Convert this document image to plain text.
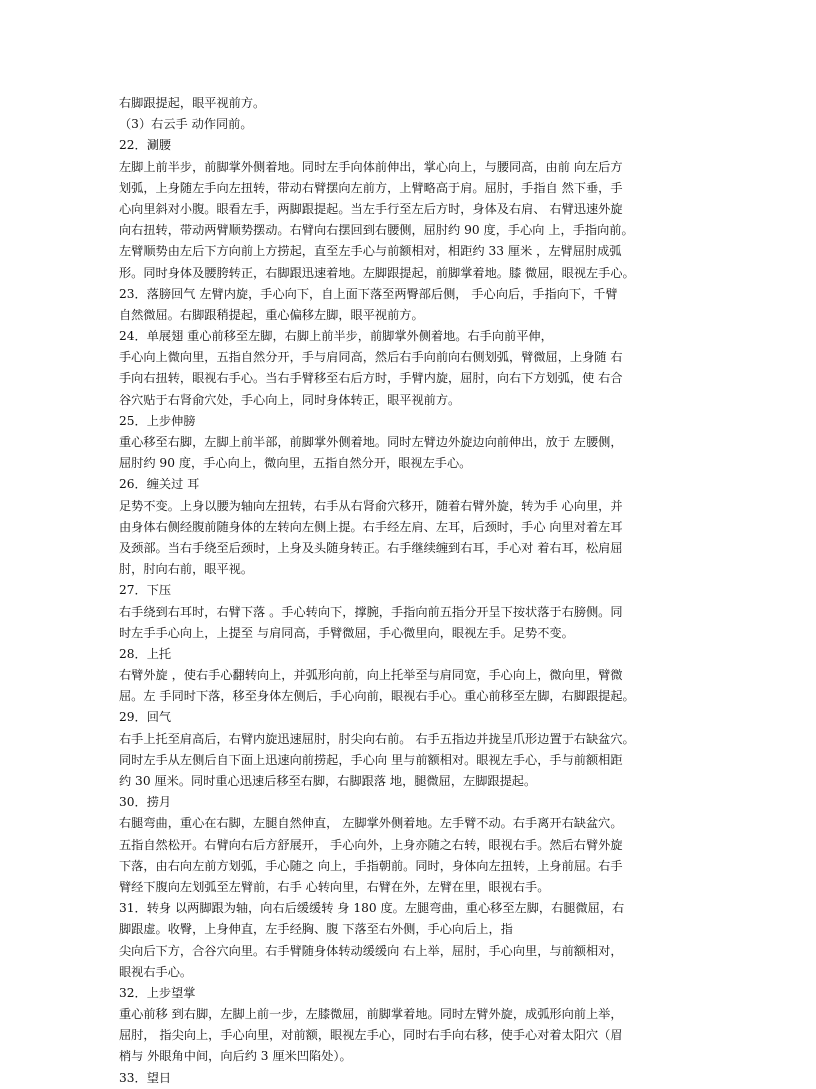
右脚跟提起，眼平视前方。
（3）右云手 动作同前。
22．涮腰
左脚上前半步，前脚掌外侧着地。同时左手向体前伸出，掌心向上，与腰同高，由前 向左后方
划弧，上身随左手向左扭转，带动右臂摆向左前方，上臂略高于肩。屈肘，手指自 然下垂，手
心向里斜对小腹。眼看左手，两脚跟提起。当左手行至左后方时，身体及右肩、 右臂迅速外旋
向右扭转，带动两臂顺势摆动。右臂向右摆回到右腰侧，屈肘约 90 度，手心向 上，手指向前。
左臂顺势由左后下方向前上方捞起，直至左手心与前额相对，相距约 33 厘米 ，左臂屈肘成弧
形。同时身体及腰胯转正，右脚跟迅速着地。左脚跟提起，前脚掌着地。膝 微屈，眼视左手心。
23．落膀回气 左臂内旋，手心向下，自上面下落至两臀部后侧， 手心向后，手指向下，千臂
自然微屈。右脚跟稍提起，重心偏移左脚，眼平视前方。
24．单展翅 重心前移至左脚，右脚上前半步，前脚掌外侧着地。右手向前平伸，
手心向上微向里，五指自然分开，手与肩同高，然后右手向前向右侧划弧，臂微屈，上身随 右
手向右扭转，眼视右手心。当右手臂移至右后方时，手臂内旋，屈肘，向右下方划弧，使 右合
谷穴贴于右肾俞穴处，手心向上，同时身体转正，眼平视前方。
25．上步伸膀
重心移至右脚，左脚上前半部，前脚掌外侧着地。同时左臂边外旋边向前伸出，放于 左腰侧，
屈肘约 90 度，手心向上，微向里，五指自然分开，眼视左手心。
26．缠关过 耳
足势不变。上身以腰为轴向左扭转，右手从右肾俞穴移开，随着右臂外旋，转为手 心向里，并
由身体右侧经腹前随身体的左转向左侧上提。右手经左肩、左耳，后颈时，手心 向里对着左耳
及颈部。当右手绕至后颈时，上身及头随身转正。右手继续缠到右耳，手心对 着右耳，松肩屈
肘，肘向右前，眼平视。
27．下压
右手绕到右耳时，右臂下落 。手心转向下，撑腕，手指向前五指分开呈下按状落于右膀侧。同
时左手手心向上，上提至 与肩同高，手臂微屈，手心微里向，眼视左手。足势不变。
28．上托
右臂外旋 ，使右手心翻转向上，并弧形向前，向上托举至与肩同宽，手心向上，微向里，臂微
屈。左 手同时下落，移至身体左侧后，手心向前，眼视右手心。重心前移至左脚，右脚跟提起。
29．回气
右手上托至肩高后，右臂内旋迅速屈肘，肘尖向右前。 右手五指边并拢呈爪形边置于右缺盆穴。
同时左手从左侧后自下面上迅速向前捞起，手心向 里与前额相对。眼视左手心，手与前额相距
约 30 厘米。同时重心迅速后移至右脚，右脚跟落 地，腿微屈，左脚跟提起。
30．捞月
右腿弯曲，重心在右脚，左腿自然伸直， 左脚掌外侧着地。左手臂不动。右手离开右缺盆穴。
五指自然松开。右臂向右后方舒展开， 手心向外，上身亦随之右转，眼视右手。然后右臂外旋
下落，由右向左前方划弧，手心随之 向上，手指朝前。同时，身体向左扭转，上身前屈。右手
臂经下腹向左划弧至左臂前，右手 心转向里，右臂在外，左臂在里，眼视右手。
31．转身 以两脚跟为轴，向右后缓缓转 身 180 度。左腿弯曲，重心移至左脚，右腿微屈，右
脚跟虚。收臀，上身伸直，左手经胸、腹 下落至右外侧，手心向后上，指
尖向后下方，合谷穴向里。右手臂随身体转动缓缓向 右上举，屈肘，手心向里，与前额相对，
眼视右手心。
32．上步望掌
重心前移 到右脚，左脚上前一步，左膝微屈，前脚掌着地。同时左臂外旋，成弧形向前上举，
屈肘， 指尖向上，手心向里，对前额，眼视左手心，同时右手向右移，使手心对着太阳穴（眉
梢与 外眼角中间，向后约 3 厘米凹陷处）。
33．望日
